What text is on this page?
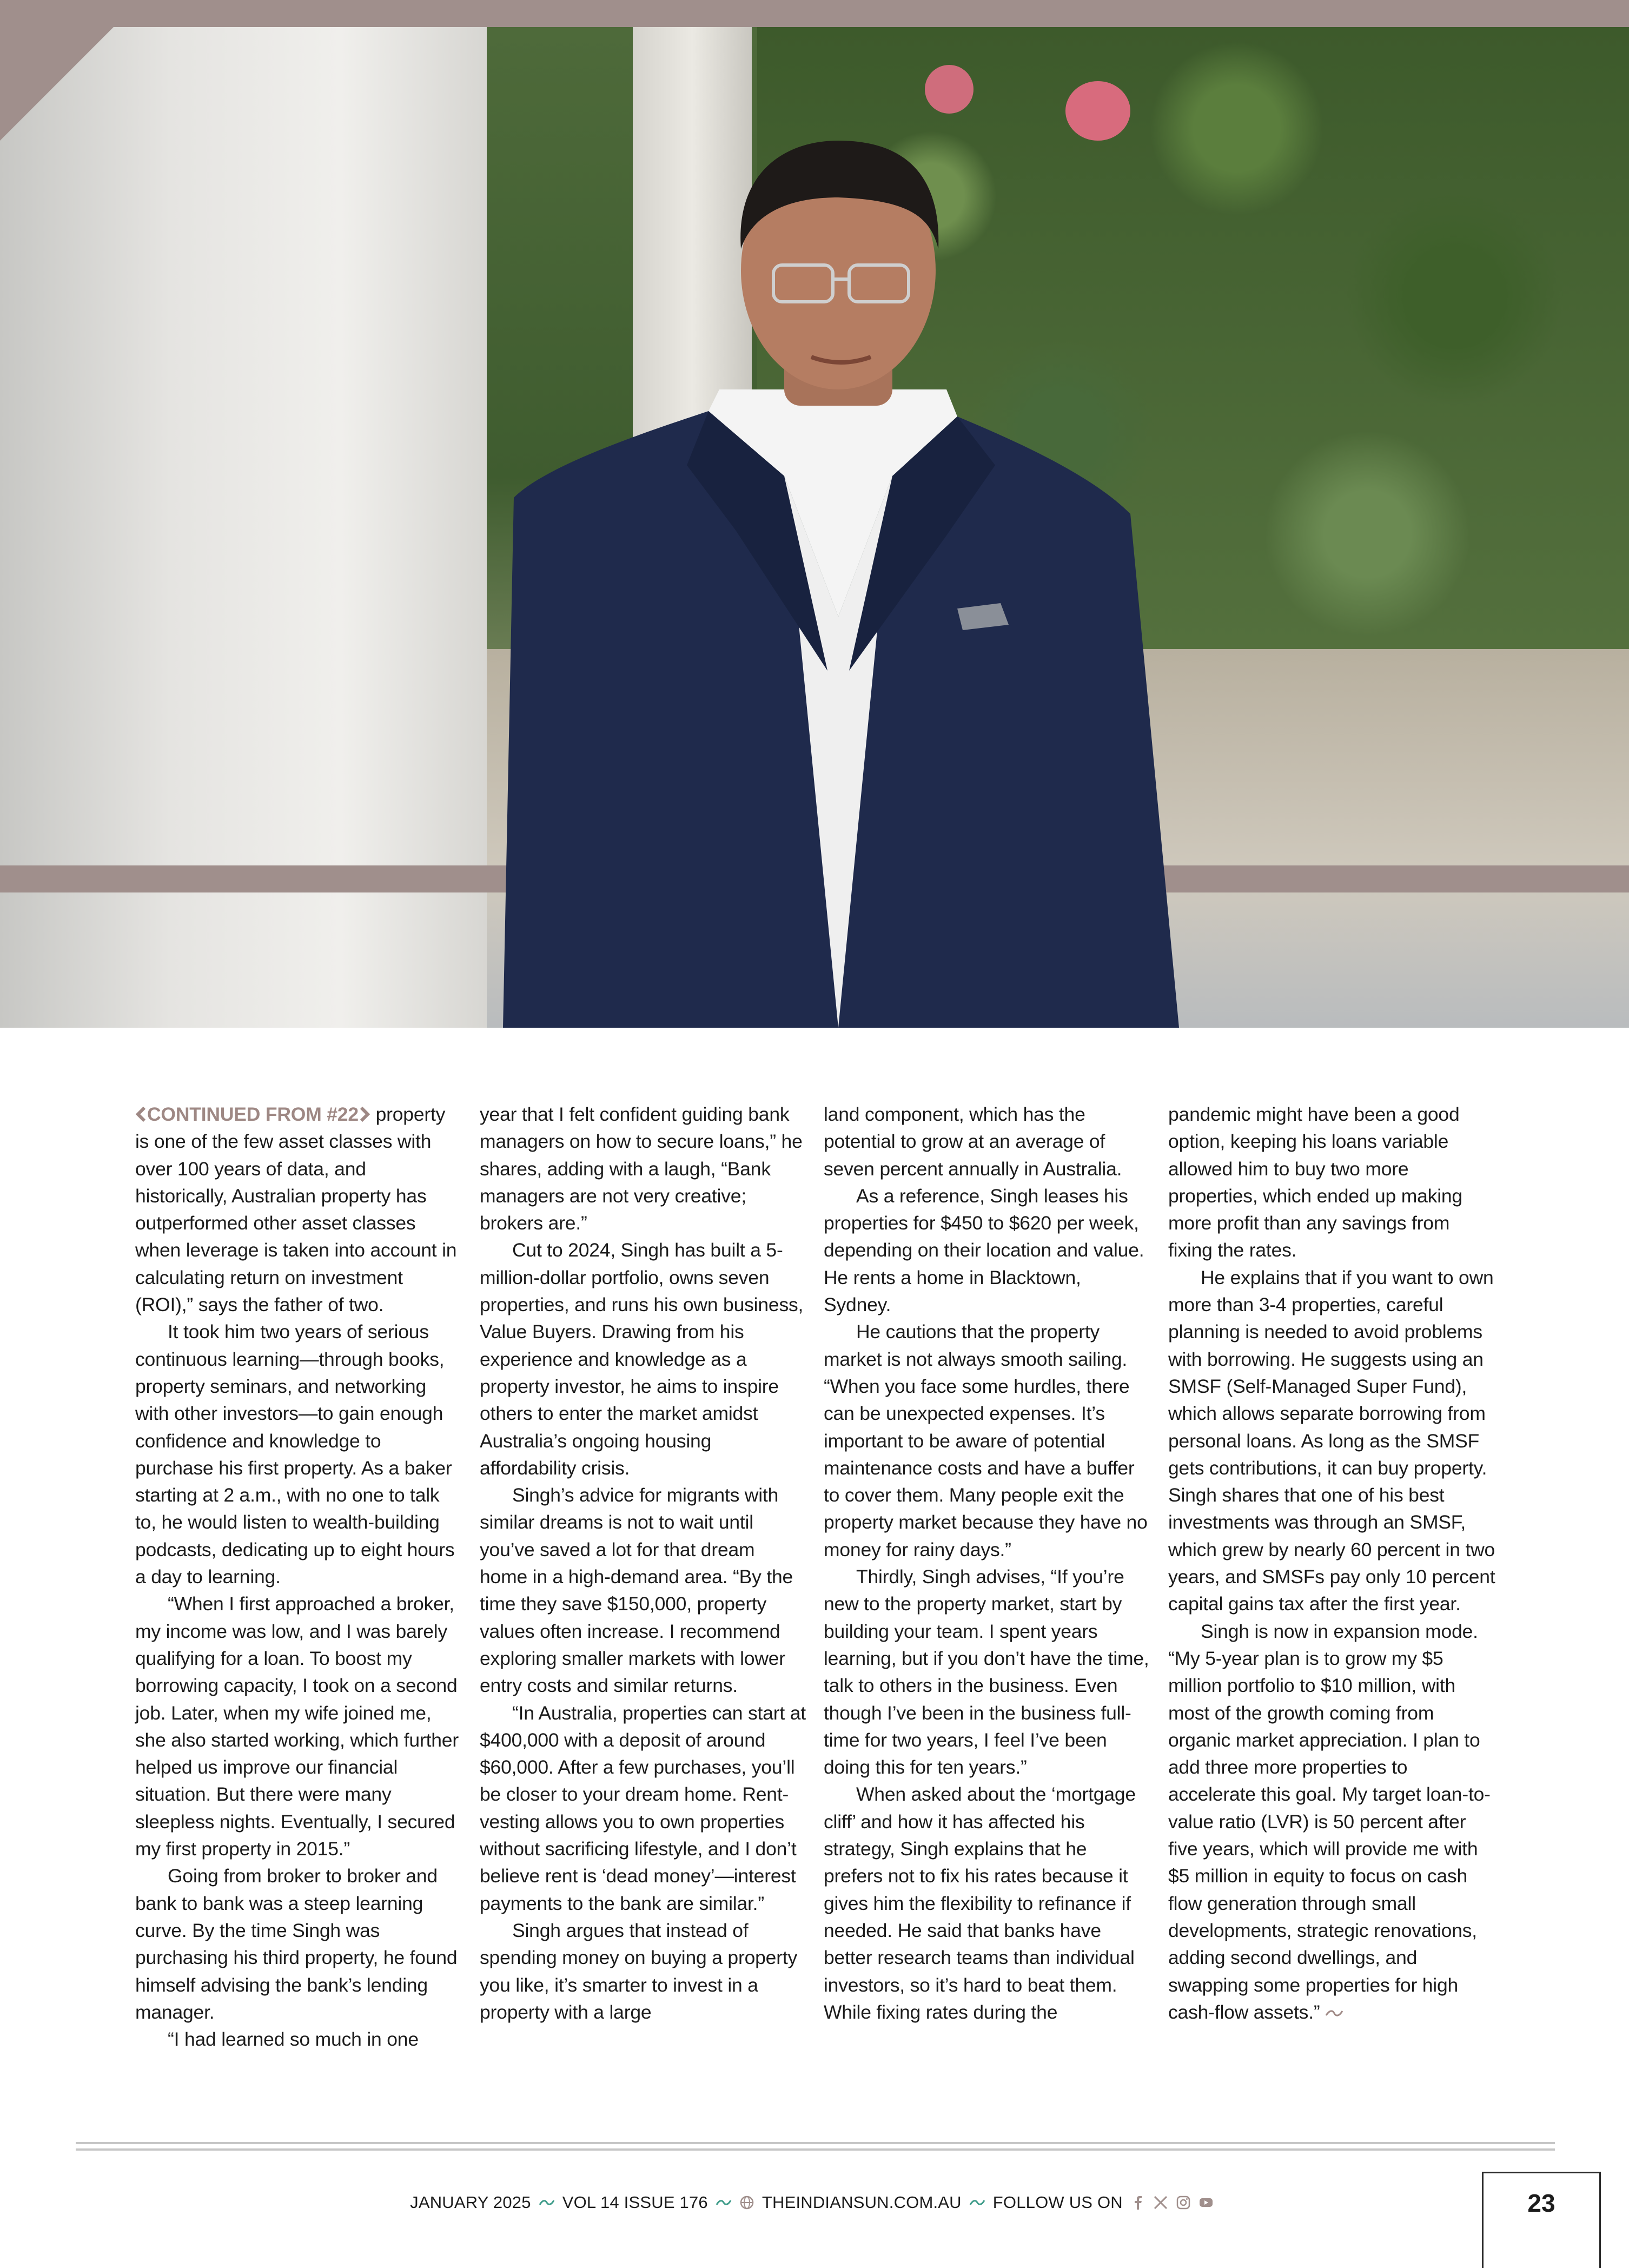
CONTINUED FROM #22 property is one of the few asset classes with over 100 years of data, and historically, Australian property has outperformed other asset classes when leverage is taken into account in calculating return on investment (ROI),” says the father of two.

It took him two years of serious continuous learning—through books, property seminars, and networking with other investors—to gain enough confidence and knowledge to purchase his first property. As a baker starting at 2 a.m., with no one to talk to, he would listen to wealth-building podcasts, dedicating up to eight hours a day to learning.

“When I first approached a broker, my income was low, and I was barely qualifying for a loan. To boost my borrowing capacity, I took on a second job. Later, when my wife joined me, she also started working, which further helped us improve our financial situation. But there were many sleepless nights. Eventually, I secured my first property in 2015.”

Going from broker to broker and bank to bank was a steep learning curve. By the time Singh was purchasing his third property, he found himself advising the bank’s lending manager.

“I had learned so much in one

year that I felt confident guiding bank managers on how to secure loans,” he shares, adding with a laugh, “Bank managers are not very creative; brokers are.”

Cut to 2024, Singh has built a 5-million-dollar portfolio, owns seven properties, and runs his own business, Value Buyers. Drawing from his experience and knowledge as a property investor, he aims to inspire others to enter the market amidst Australia’s ongoing housing affordability crisis.

Singh’s advice for migrants with similar dreams is not to wait until you’ve saved a lot for that dream home in a high-demand area. “By the time they save $150,000, property values often increase. I recommend exploring smaller markets with lower entry costs and similar returns.

“In Australia, properties can start at $400,000 with a deposit of around $60,000. After a few purchases, you’ll be closer to your dream home. Rent-vesting allows you to own properties without sacrificing lifestyle, and I don’t believe rent is ‘dead money’—interest payments to the bank are similar.”

Singh argues that instead of spending money on buying a property you like, it’s smarter to invest in a property with a large

land component, which has the potential to grow at an average of seven percent annually in Australia.

As a reference, Singh leases his properties for $450 to $620 per week, depending on their location and value. He rents a home in Blacktown, Sydney.

He cautions that the property market is not always smooth sailing. “When you face some hurdles, there can be unexpected expenses. It’s important to be aware of potential maintenance costs and have a buffer to cover them. Many people exit the property market because they have no money for rainy days.”

Thirdly, Singh advises, “If you’re new to the property market, start by building your team. I spent years learning, but if you don’t have the time, talk to others in the business. Even though I’ve been in the business full-time for two years, I feel I’ve been doing this for ten years.”

When asked about the ‘mortgage cliff’ and how it has affected his strategy, Singh explains that he prefers not to fix his rates because it gives him the flexibility to refinance if needed. He said that banks have better research teams than individual investors, so it’s hard to beat them. While fixing rates during the

pandemic might have been a good option, keeping his loans variable allowed him to buy two more properties, which ended up making more profit than any savings from fixing the rates.

He explains that if you want to own more than 3-4 properties, careful planning is needed to avoid problems with borrowing. He suggests using an SMSF (Self-Managed Super Fund), which allows separate borrowing from personal loans. As long as the SMSF gets contributions, it can buy property. Singh shares that one of his best investments was through an SMSF, which grew by nearly 60 percent in two years, and SMSFs pay only 10 percent capital gains tax after the first year.

Singh is now in expansion mode. “My 5-year plan is to grow my $5 million portfolio to $10 million, with most of the growth coming from organic market appreciation. I plan to add three more properties to accelerate this goal. My target loan-to-value ratio (LVR) is 50 percent after five years, which will provide me with $5 million in equity to focus on cash flow generation through small developments, strategic renovations, adding second dwellings, and swapping some properties for high cash-flow assets.”

JANUARY 2025 VOL 14 ISSUE 176	THEINDIANSUN.COM.AU FOLLOW US ON	23
